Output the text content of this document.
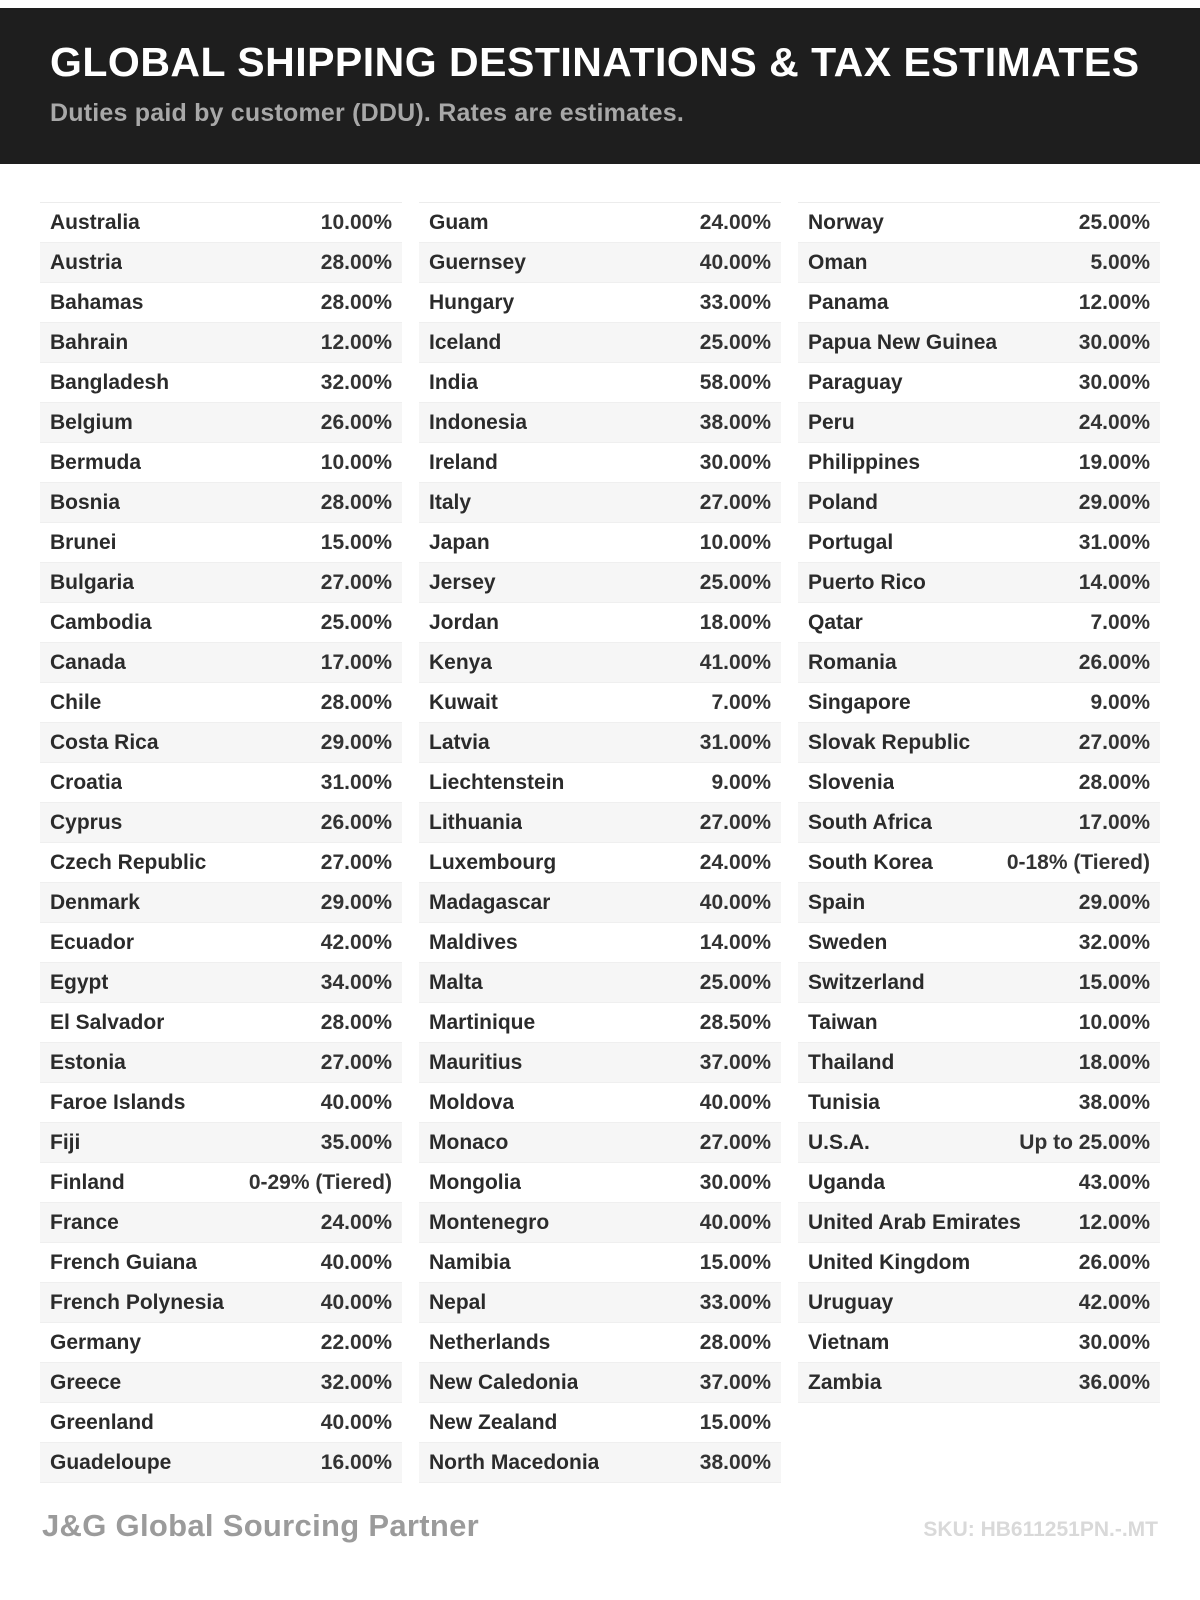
GLOBAL SHIPPING DESTINATIONS & TAX ESTIMATES
Duties paid by customer (DDU). Rates are estimates.
Australia	10.00%
Austria	28.00%
Bahamas	28.00%
Bahrain	12.00%
Bangladesh	32.00%
Belgium	26.00%
Bermuda	10.00%
Bosnia	28.00%
Brunei	15.00%
Bulgaria	27.00%
Cambodia	25.00%
Canada	17.00%
Chile	28.00%
Costa Rica	29.00%
Croatia	31.00%
Cyprus	26.00%
Czech Republic	27.00%
Denmark	29.00%
Ecuador	42.00%
Egypt	34.00%
El Salvador	28.00%
Estonia	27.00%
Faroe Islands	40.00%
Fiji	35.00%
Finland	0-29% (Tiered)
France	24.00%
French Guiana	40.00%
French Polynesia	40.00%
Germany	22.00%
Greece	32.00%
Greenland	40.00%
Guadeloupe	16.00%
Guam	24.00%
Guernsey	40.00%
Hungary	33.00%
Iceland	25.00%
India	58.00%
Indonesia	38.00%
Ireland	30.00%
Italy	27.00%
Japan	10.00%
Jersey	25.00%
Jordan	18.00%
Kenya	41.00%
Kuwait	7.00%
Latvia	31.00%
Liechtenstein	9.00%
Lithuania	27.00%
Luxembourg	24.00%
Madagascar	40.00%
Maldives	14.00%
Malta	25.00%
Martinique	28.50%
Mauritius	37.00%
Moldova	40.00%
Monaco	27.00%
Mongolia	30.00%
Montenegro	40.00%
Namibia	15.00%
Nepal	33.00%
Netherlands	28.00%
New Caledonia	37.00%
New Zealand	15.00%
North Macedonia	38.00%
Norway	25.00%
Oman	5.00%
Panama	12.00%
Papua New Guinea	30.00%
Paraguay	30.00%
Peru	24.00%
Philippines	19.00%
Poland	29.00%
Portugal	31.00%
Puerto Rico	14.00%
Qatar	7.00%
Romania	26.00%
Singapore	9.00%
Slovak Republic	27.00%
Slovenia	28.00%
South Africa	17.00%
South Korea	0-18% (Tiered)
Spain	29.00%
Sweden	32.00%
Switzerland	15.00%
Taiwan	10.00%
Thailand	18.00%
Tunisia	38.00%
U.S.A.	Up to 25.00%
Uganda	43.00%
United Arab Emirates	12.00%
United Kingdom	26.00%
Uruguay	42.00%
Vietnam	30.00%
Zambia	36.00%
J&G Global Sourcing Partner	SKU: HB611251PN.-.MT
